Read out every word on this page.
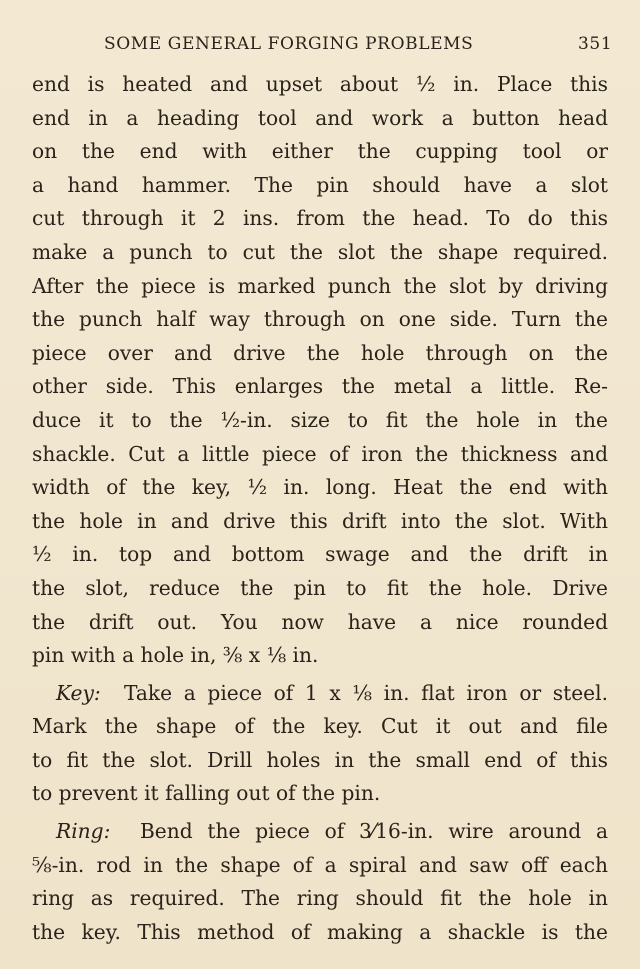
SOME GENERAL FORGING PROBLEMS	351
end is heated and upset about ½ in. Place this
end in a heading tool and work a button head
on the end with either the cupping tool or
a hand hammer. The pin should have a slot
cut through it 2 ins. from the head. To do this
make a punch to cut the slot the shape required.
After the piece is marked punch the slot by driving
the punch half way through on one side. Turn the
piece over and drive the hole through on the
other side. This enlarges the metal a little. Re-
duce it to the ½-in. size to fit the hole in the
shackle. Cut a little piece of iron the thickness and
width of the key, ½ in. long. Heat the end with
the hole in and drive this drift into the slot. With
½ in. top and bottom swage and the drift in
the slot, reduce the pin to fit the hole. Drive
the drift out. You now have a nice rounded
pin with a hole in, ⅜ x ⅛ in.
Key: Take a piece of 1 x ⅛ in. flat iron or steel.
Mark the shape of the key. Cut it out and file
to fit the slot. Drill holes in the small end of this
to prevent it falling out of the pin.
Ring: Bend the piece of 3⁄16-in. wire around a
⅝-in. rod in the shape of a spiral and saw off each
ring as required. The ring should fit the hole in
the key. This method of making a shackle is the
